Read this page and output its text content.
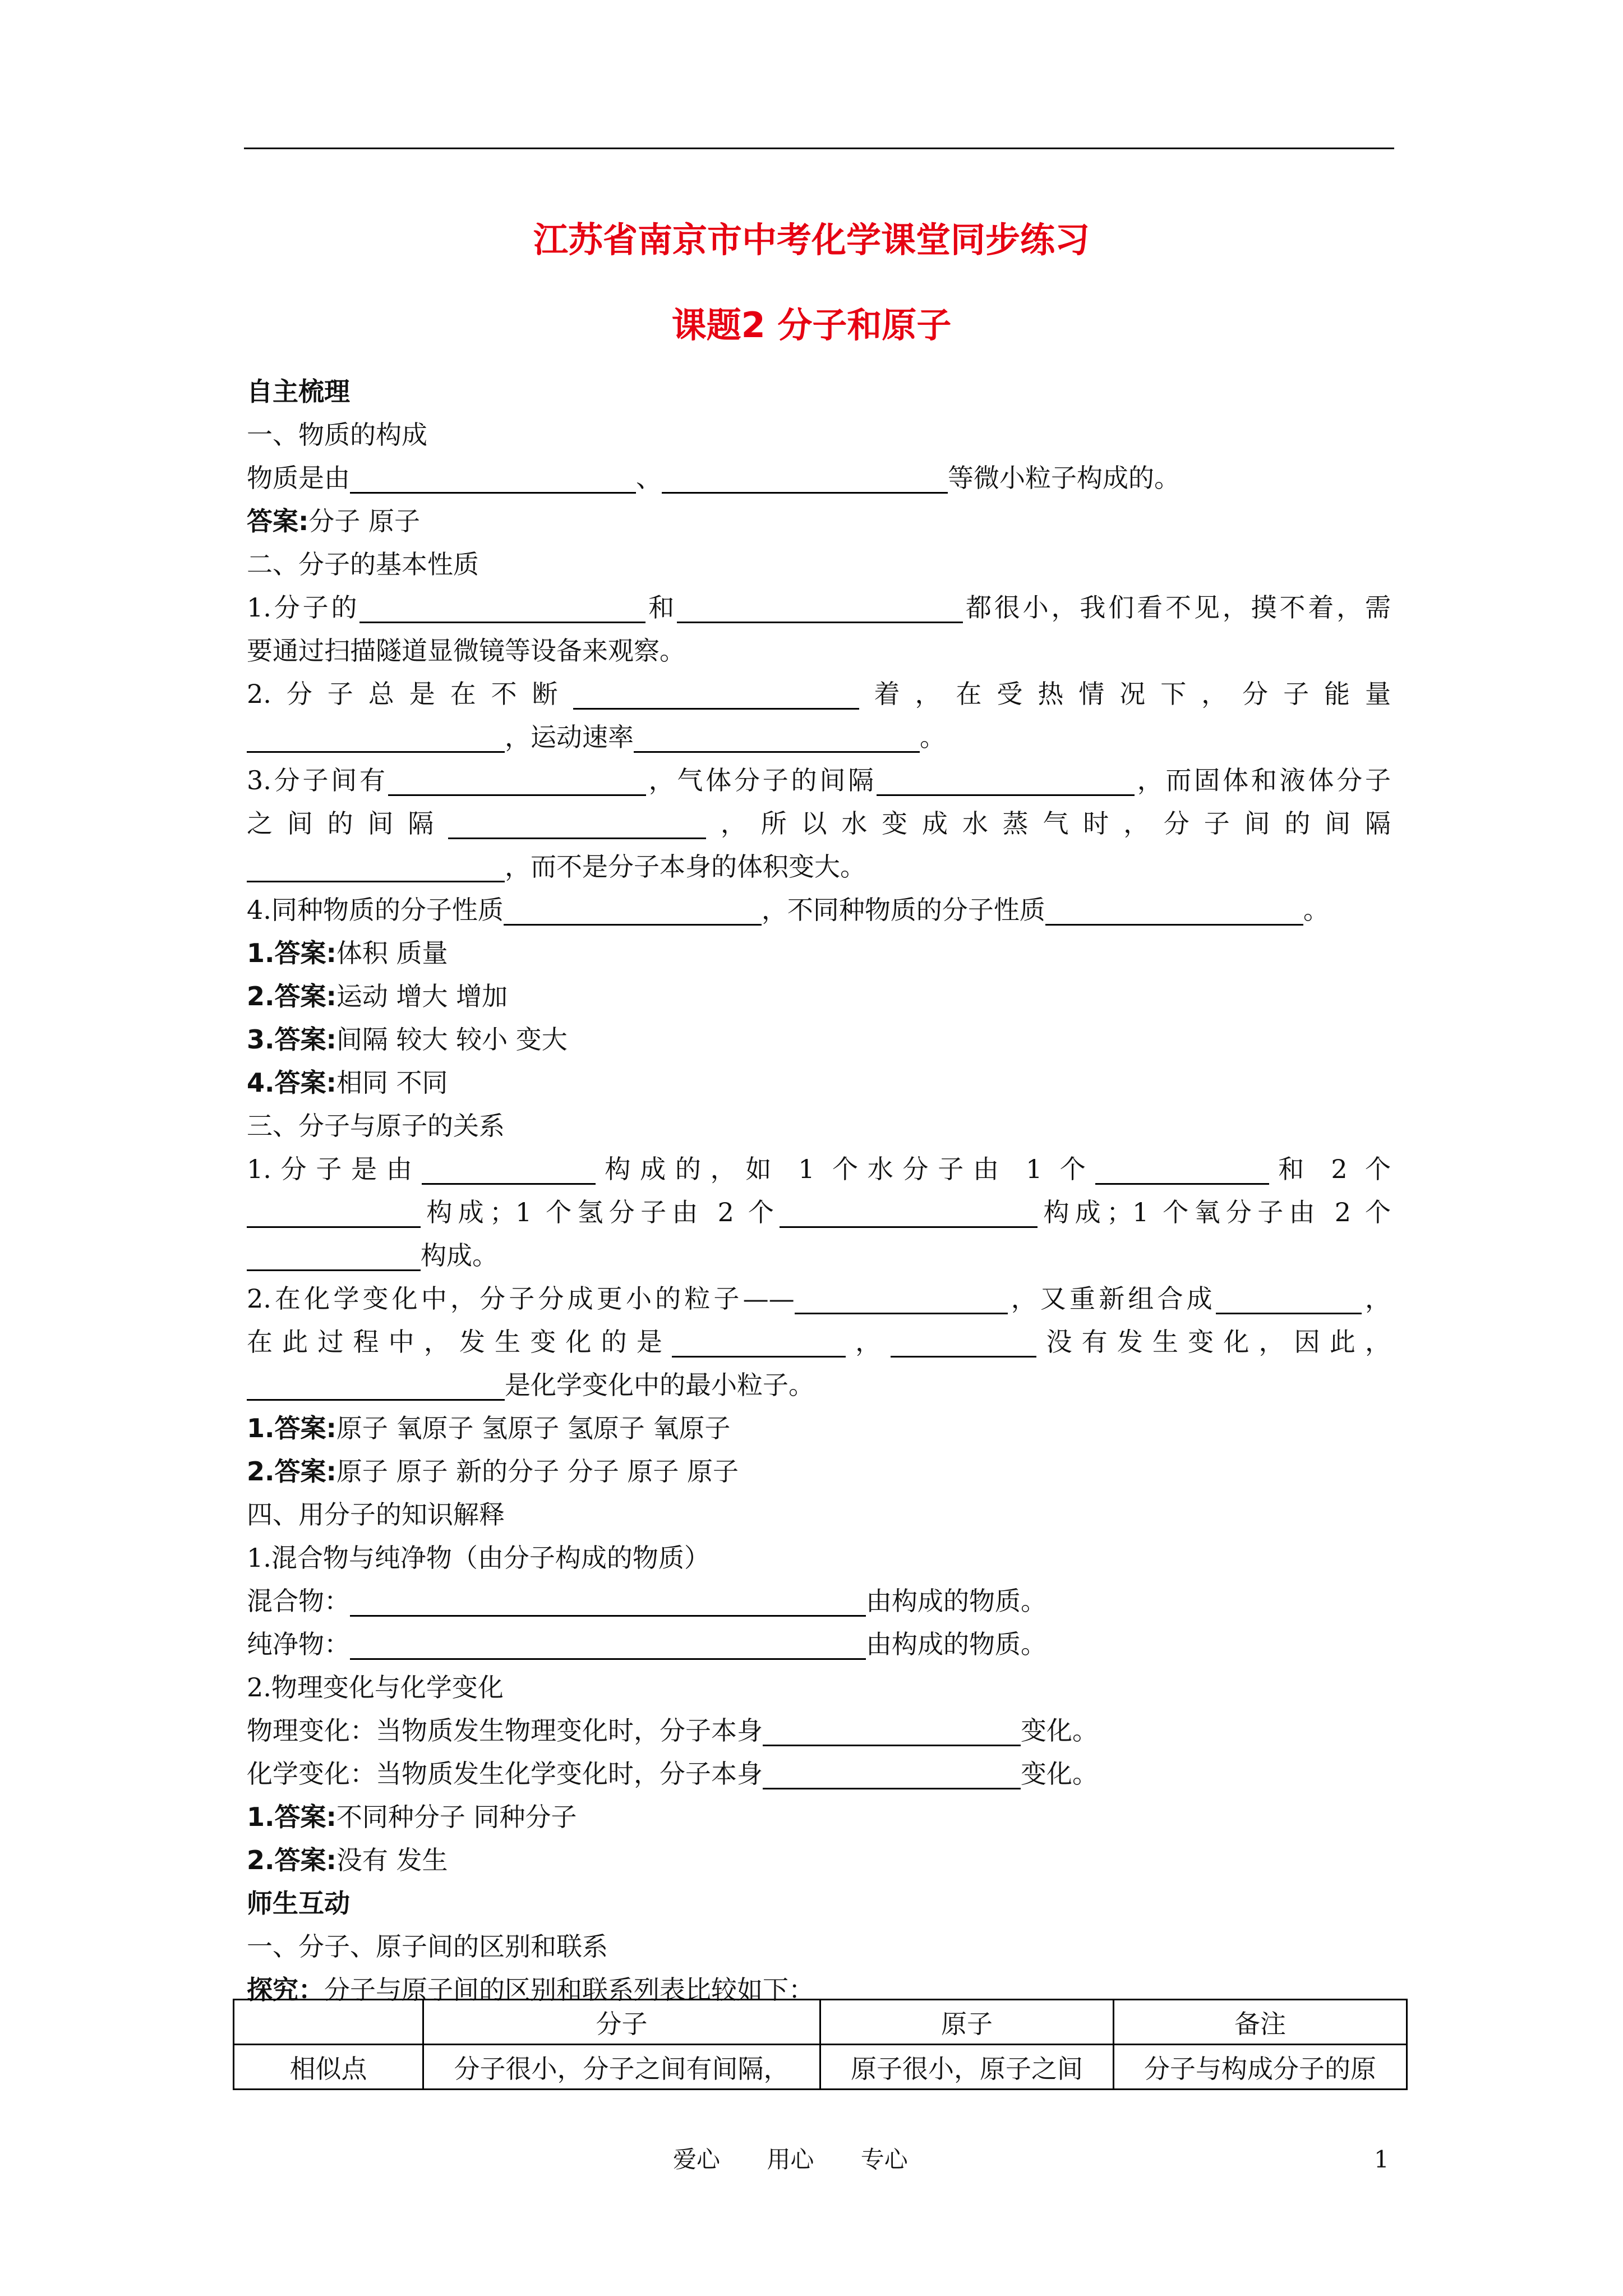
江苏省南京市中考化学课堂同步练习
课题2 分子和原子

自主梳理

一、物质的构成

物质是由	、	等微小粒子构成的。

答案:分子 原子

二、分子的基本性质

1.分子的	和	都很小，我们看不见，摸不着，需

要通过扫描隧道显微镜等设备来观察。

2.分子总是在不断	着，在受热情况下，分子能量

，运动速率	。

3.分子间有	，气体分子的间隔	，而固体和液体分子

之间的间隔	，所以水变成水蒸气时，分子间的间隔

，而不是分子本身的体积变大。

4.同种物质的分子性质	，不同种物质的分子性质	。

1.答案:体积 质量

2.答案:运动 增大 增加

3.答案:间隔 较大 较小 变大

4.答案:相同 不同

三、分子与原子的关系

1.分子是由	构成的，如 1 个水分子由 1 个	和 2 个

构成；1 个氢分子由 2 个	构成；1 个氧分子由 2 个

构成。

2.在化学变化中，分子分成更小的粒子——	，又重新组合成	，

在此过程中，发生变化的是	，	没有发生变化，因此，

是化学变化中的最小粒子。

1.答案:原子 氧原子 氢原子 氢原子 氧原子

2.答案:原子 原子 新的分子 分子 原子 原子

四、用分子的知识解释

1.混合物与纯净物（由分子构成的物质）

混合物：	由构成的物质。

纯净物：	由构成的物质。

2.物理变化与化学变化

物理变化：当物质发生物理变化时，分子本身	变化。

化学变化：当物质发生化学变化时，分子本身	变化。

1.答案:不同种分子 同种分子

2.答案:没有 发生

师生互动

一、分子、原子间的区别和联系

探究：分子与原子间的区别和联系列表比较如下：

	分子	原子	备注
相似点	分子很小，分子之间有间隔，	原子很小，原子之间	分子与构成分子的原
爱心 用心 专心	1
